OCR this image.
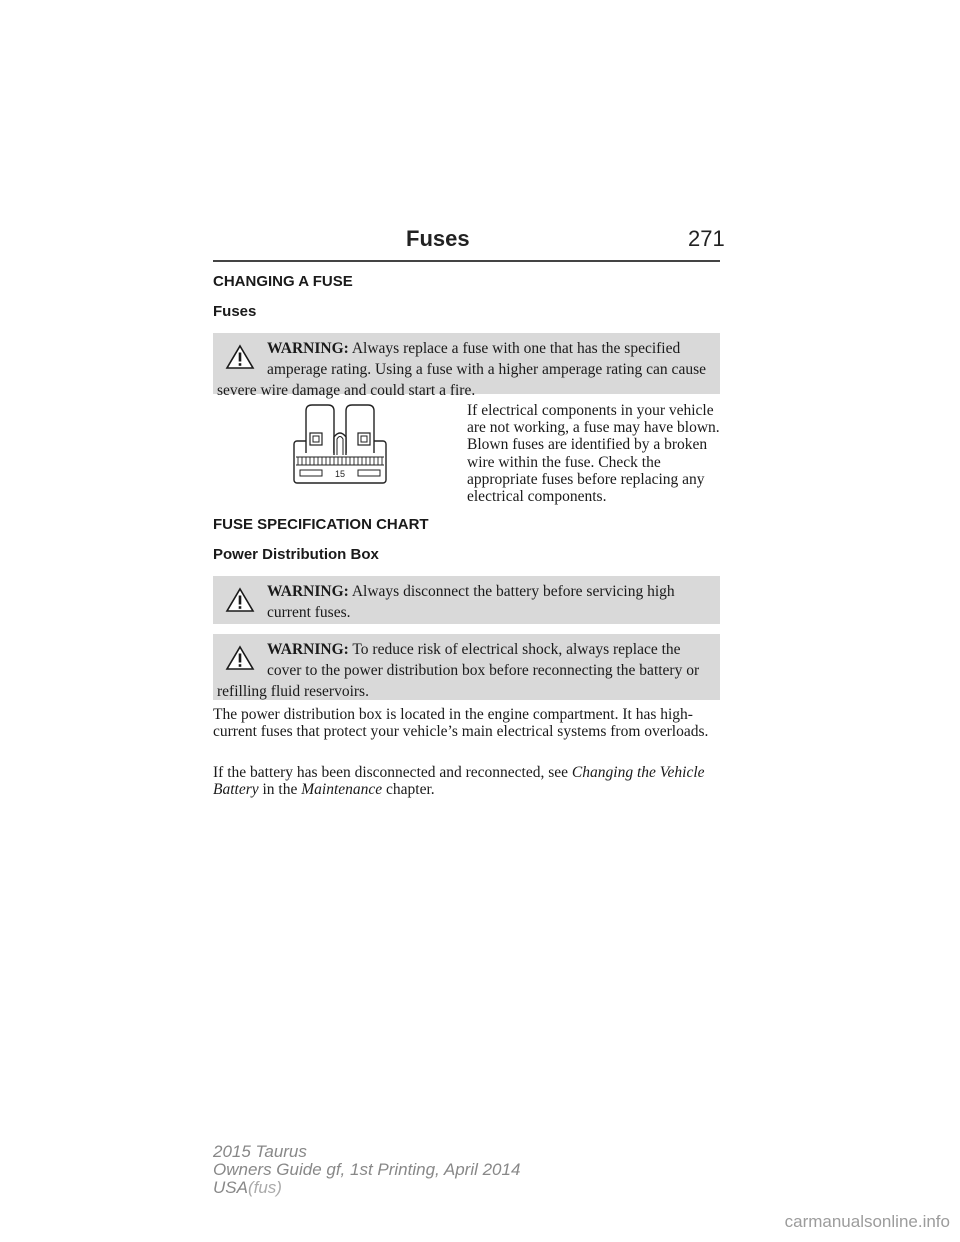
Fuses	271
CHANGING A FUSE
Fuses
WARNING: Always replace a fuse with one that has the specified amperage rating. Using a fuse with a higher amperage rating can cause severe wire damage and could start a fire.
15
If electrical components in your vehicle are not working, a fuse may have blown. Blown fuses are identified by a broken wire within the fuse. Check the appropriate fuses before replacing any electrical components.
FUSE SPECIFICATION CHART
Power Distribution Box
WARNING: Always disconnect the battery before servicing high current fuses.
WARNING: To reduce risk of electrical shock, always replace the cover to the power distribution box before reconnecting the battery or refilling fluid reservoirs.
The power distribution box is located in the engine compartment. It has high-current fuses that protect your vehicle’s main electrical systems from overloads.
If the battery has been disconnected and reconnected, see Changing the Vehicle Battery in the Maintenance chapter.
2015 Taurus
Owners Guide gf, 1st Printing, April 2014
USA(fus)
carmanualsonline.info
